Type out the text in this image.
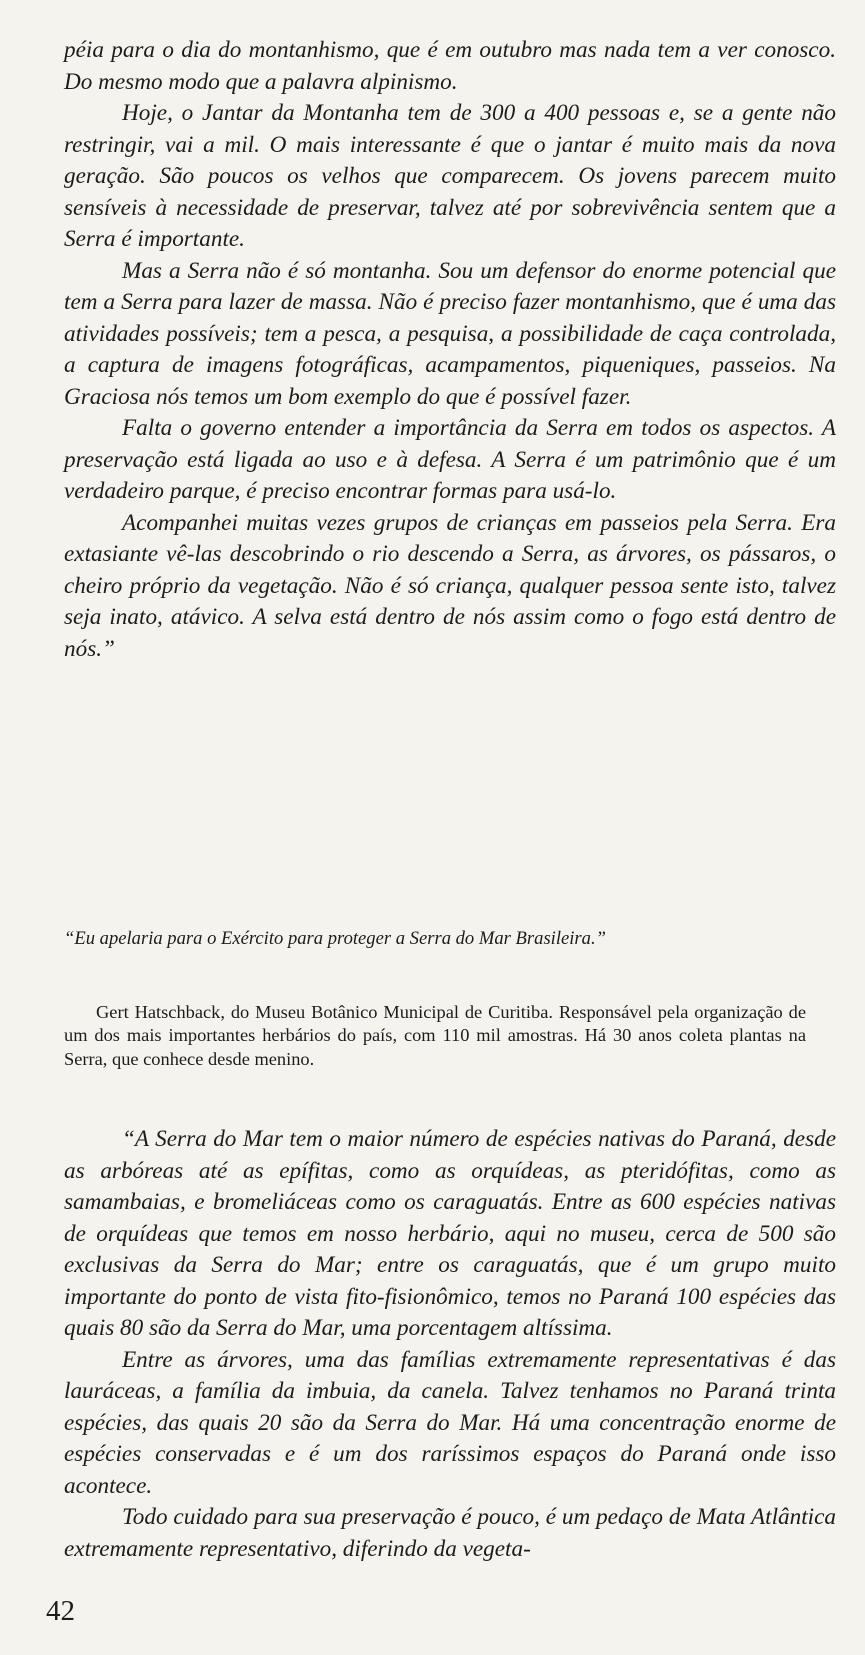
péia para o dia do montanhismo, que é em outubro mas nada tem a ver conosco. Do mesmo modo que a palavra alpinismo.

Hoje, o Jantar da Montanha tem de 300 a 400 pessoas e, se a gente não restringir, vai a mil. O mais interessante é que o jantar é muito mais da nova geração. São poucos os velhos que comparecem. Os jovens parecem muito sensíveis à necessidade de preservar, talvez até por sobrevivência sentem que a Serra é importante.

Mas a Serra não é só montanha. Sou um defensor do enorme potencial que tem a Serra para lazer de massa. Não é preciso fazer montanhismo, que é uma das atividades possíveis; tem a pesca, a pesquisa, a possibilidade de caça controlada, a captura de imagens fotográficas, acampamentos, piqueniques, passeios. Na Graciosa nós temos um bom exemplo do que é possível fazer.

Falta o governo entender a importância da Serra em todos os aspectos. A preservação está ligada ao uso e à defesa. A Serra é um patrimônio que é um verdadeiro parque, é preciso encontrar formas para usá-lo.

Acompanhei muitas vezes grupos de crianças em passeios pela Serra. Era extasiante vê-las descobrindo o rio descendo a Serra, as árvores, os pássaros, o cheiro próprio da vegetação. Não é só criança, qualquer pessoa sente isto, talvez seja inato, atávico. A selva está dentro de nós assim como o fogo está dentro de nós.”

“Eu apelaria para o Exército para proteger a Serra do Mar Brasileira.”

Gert Hatschback, do Museu Botânico Municipal de Curitiba. Responsável pela organização de um dos mais importantes herbários do país, com 110 mil amostras. Há 30 anos coleta plantas na Serra, que conhece desde menino.

“A Serra do Mar tem o maior número de espécies nativas do Paraná, desde as arbóreas até as epífitas, como as orquídeas, as pteridófitas, como as samambaias, e bromeliáceas como os caraguatás. Entre as 600 espécies nativas de orquídeas que temos em nosso herbário, aqui no museu, cerca de 500 são exclusivas da Serra do Mar; entre os caraguatás, que é um grupo muito importante do ponto de vista fito-fisionômico, temos no Paraná 100 espécies das quais 80 são da Serra do Mar, uma porcentagem altíssima.

Entre as árvores, uma das famílias extremamente representativas é das lauráceas, a família da imbuia, da canela. Talvez tenhamos no Paraná trinta espécies, das quais 20 são da Serra do Mar. Há uma concentração enorme de espécies conservadas e é um dos raríssimos espaços do Paraná onde isso acontece.

Todo cuidado para sua preservação é pouco, é um pedaço de Mata Atlântica extremamente representativo, diferindo da vegeta-

42
